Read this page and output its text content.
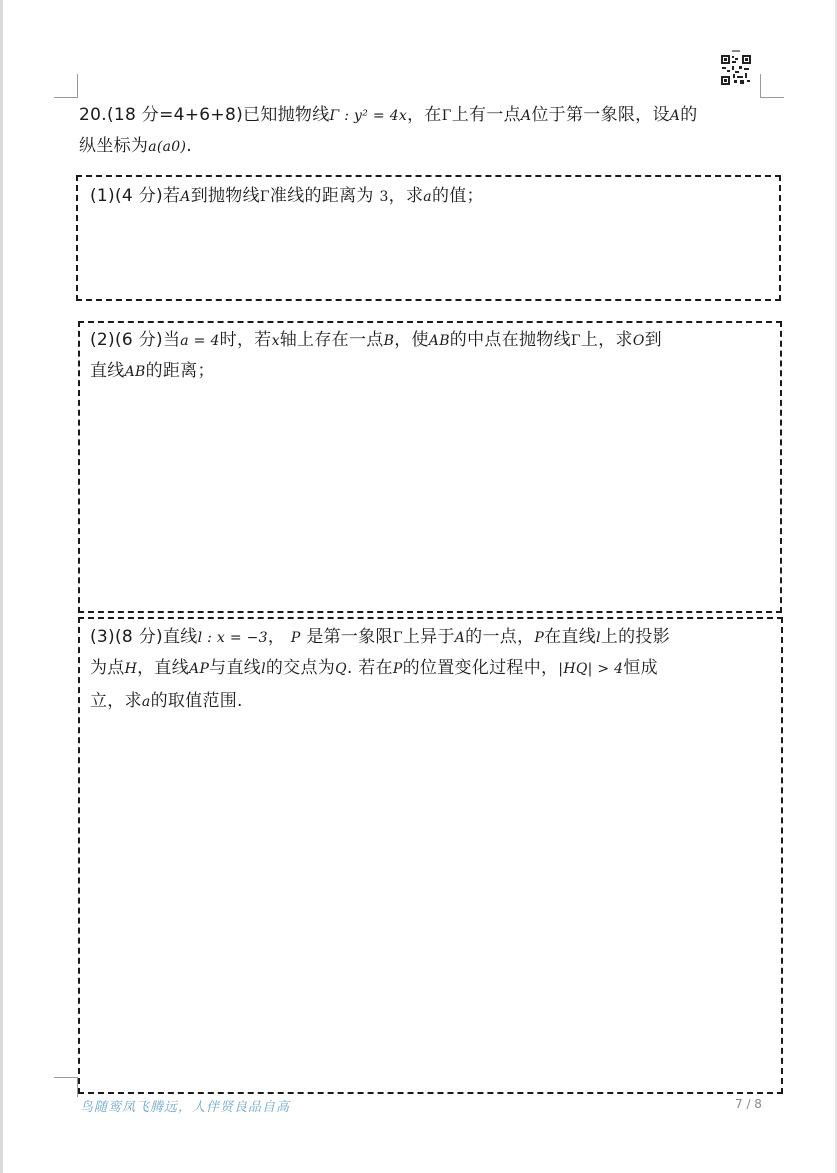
20.(18 分=4+6+8)已知抛物线Γ : y² = 4x，在Γ上有一点A位于第一象限，设A的
纵坐标为a(a0).
(1)(4 分)若A到抛物线Γ准线的距离为 3，求a的值；
(2)(6 分)当a = 4时，若x轴上存在一点B，使AB的中点在抛物线Γ上，求O到
直线AB的距离；
(3)(8 分)直线l : x = −3， P 是第一象限Γ上异于A的一点，P在直线l上的投影
为点H，直线AP与直线l的交点为Q. 若在P的位置变化过程中，|HQ| > 4恒成
立，求a的取值范围.
鸟随鸾凤飞腾远，人伴贤良品自高	7 / 8
